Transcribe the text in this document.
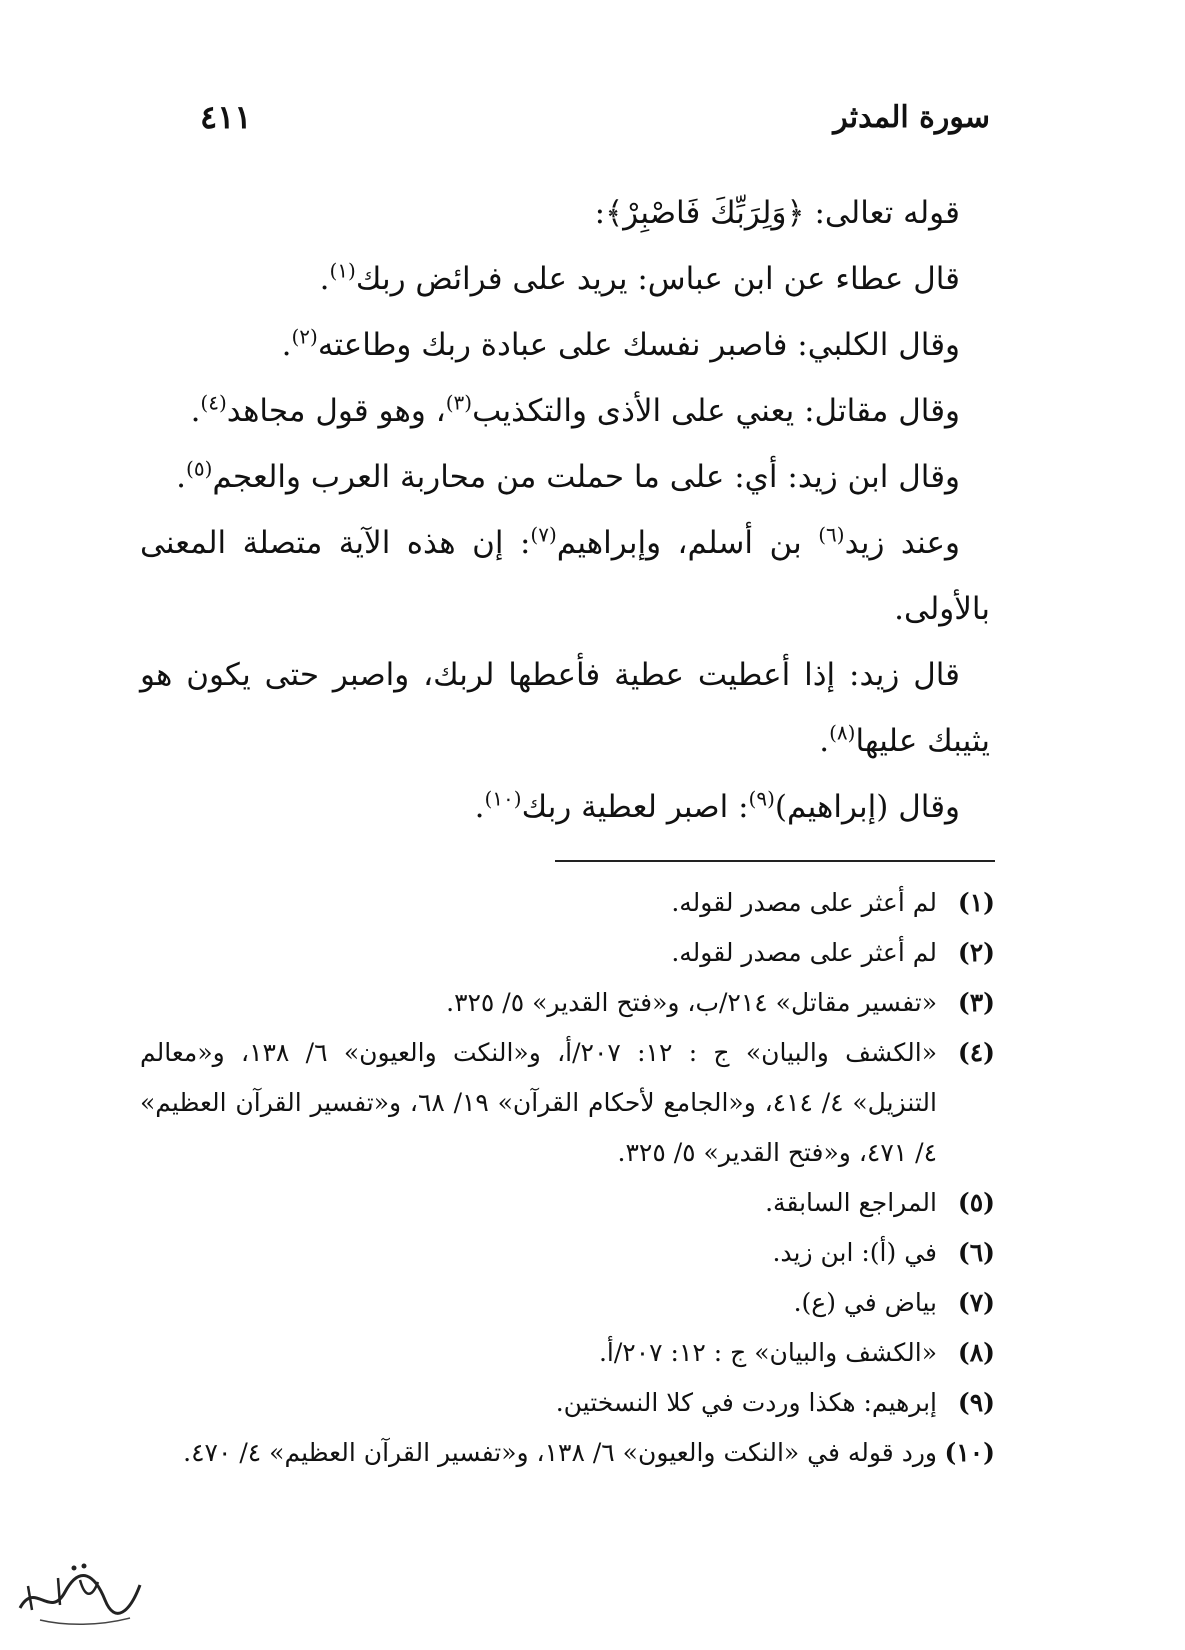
سورة المدثر
٤١١

قوله تعالى: ﴿وَلِرَبِّكَ فَاصْبِرْ﴾:

قال عطاء عن ابن عباس: يريد على فرائض ربك$^{(١)}$.

وقال الكلبي: فاصبر نفسك على عبادة ربك وطاعته$^{(٢)}$.

وقال مقاتل: يعني على الأذى والتكذيب$^{(٣)}$، وهو قول مجاهد$^{(٤)}$.

وقال ابن زيد: أي: على ما حملت من محاربة العرب والعجم$^{(٥)}$.

وعند زيد$^{(٦)}$ بن أسلم، وإبراهيم$^{(٧)}$: إن هذه الآية متصلة المعنى بالأولى.

قال زيد: إذا أعطيت عطية فأعطها لربك، واصبر حتى يكون هو يثيبك عليها$^{(٨)}$.

وقال (إبراهيم)$^{(٩)}$: اصبر لعطية ربك$^{(١٠)}$.

(١)
لم أعثر على مصدر لقوله.
(٢)
لم أعثر على مصدر لقوله.
(٣)
«تفسير مقاتل» ٢١٤/ب، و«فتح القدير» ٥/ ٣٢٥.
(٤)
«الكشف والبيان» ج : ١٢: ٢٠٧/أ، و«النكت والعيون» ٦/ ١٣٨، و«معالم التنزيل» ٤/ ٤١٤، و«الجامع لأحكام القرآن» ١٩/ ٦٨، و«تفسير القرآن العظيم» ٤/ ٤٧١، و«فتح القدير» ٥/ ٣٢٥.
(٥)
المراجع السابقة.
(٦)
في (أ): ابن زيد.
(٧)
بياض في (ع).
(٨)
«الكشف والبيان» ج : ١٢: ٢٠٧/أ.
(٩)
إبرهيم: هكذا وردت في كلا النسختين.
(١٠)
ورد قوله في «النكت والعيون» ٦/ ١٣٨، و«تفسير القرآن العظيم» ٤/ ٤٧٠.
